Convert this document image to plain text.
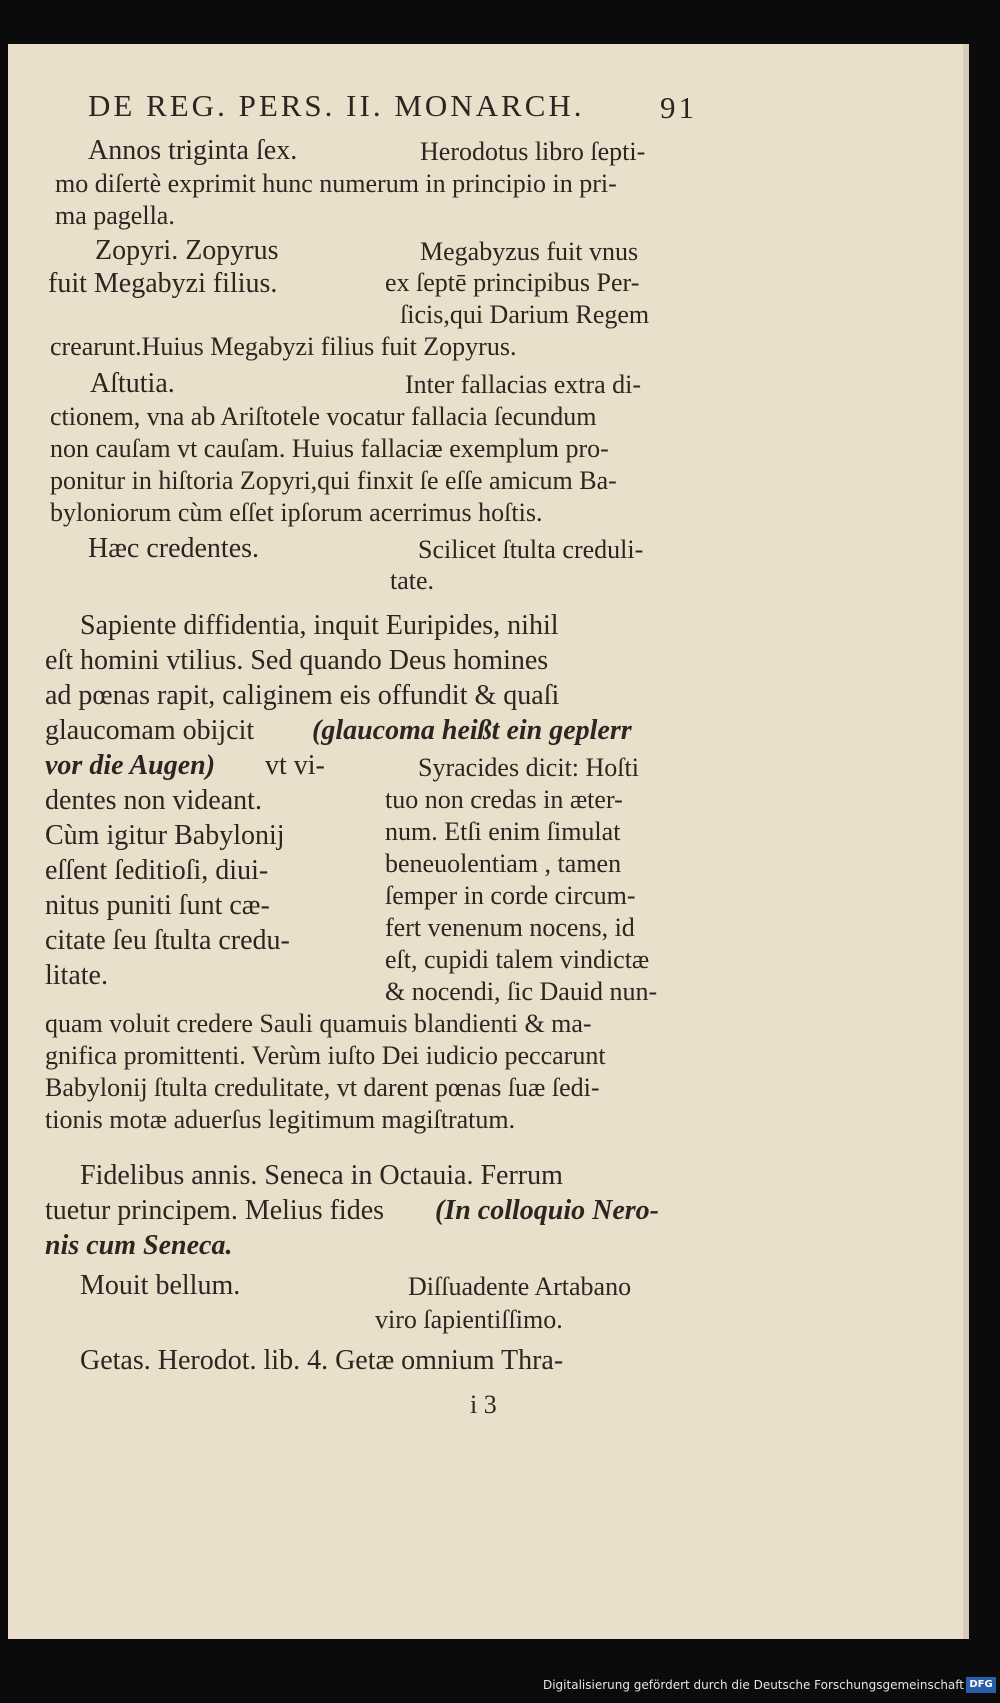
DE REG. PERS. II. MONARCH. 91
Annos triginta ſex.	Herodotus libro ſepti-
mo diſertè exprimit hunc numerum in principio in pri-
ma pagella.
Zopyri. Zopyrus	Megabyzus fuit vnus
fuit Megabyzi filius.	ex ſeptē principibus Per-
ſicis,qui Darium Regem
crearunt.Huius Megabyzi filius fuit Zopyrus.
Aſtutia.	Inter fallacias extra di-
ctionem, vna ab Ariſtotele vocatur fallacia ſecundum
non cauſam vt cauſam. Huius fallaciæ exemplum pro-
ponitur in hiſtoria Zopyri,qui finxit ſe eſſe amicum Ba-
byloniorum cùm eſſet ipſorum acerrimus hoſtis.
Hæc credentes.	Scilicet ſtulta creduli-
tate.
Sapiente diffidentia, inquit Euripides, nihil
eſt homini vtilius. Sed quando Deus homines
ad pœnas rapit, caliginem eis offundit & quaſi
glaucomam obijcit (glaucoma heißt ein geplerr
vor die Augen) vt vi-	Syracides dicit: Hoſti
dentes non videant.	tuo non credas in æter-
Cùm igitur Babylonij	num. Etſi enim ſimulat
eſſent ſeditioſi, diui-	beneuolentiam , tamen
nitus puniti ſunt cæ-	ſemper in corde circum-
citate ſeu ſtulta credu-	fert venenum nocens, id
litate.
eſt, cupidi talem vindictæ
& nocendi, ſic Dauid nun-
quam voluit credere Sauli quamuis blandienti & ma-
gnifica promittenti. Verùm iuſto Dei iudicio peccarunt
Babylonij ſtulta credulitate, vt darent pœnas ſuæ ſedi-
tionis motæ aduerſus legitimum magiſtratum.
Fidelibus annis. Seneca in Octauia. Ferrum
tuetur principem. Melius fides (In colloquio Nero-
nis cum Seneca.
Mouit bellum.	Diſſuadente Artabano
viro ſapientiſſimo.
Getas. Herodot. lib. 4. Getæ omnium Thra-
i 3
Digitalisierung gefördert durch die Deutsche Forschungsgemeinschaft DFG
